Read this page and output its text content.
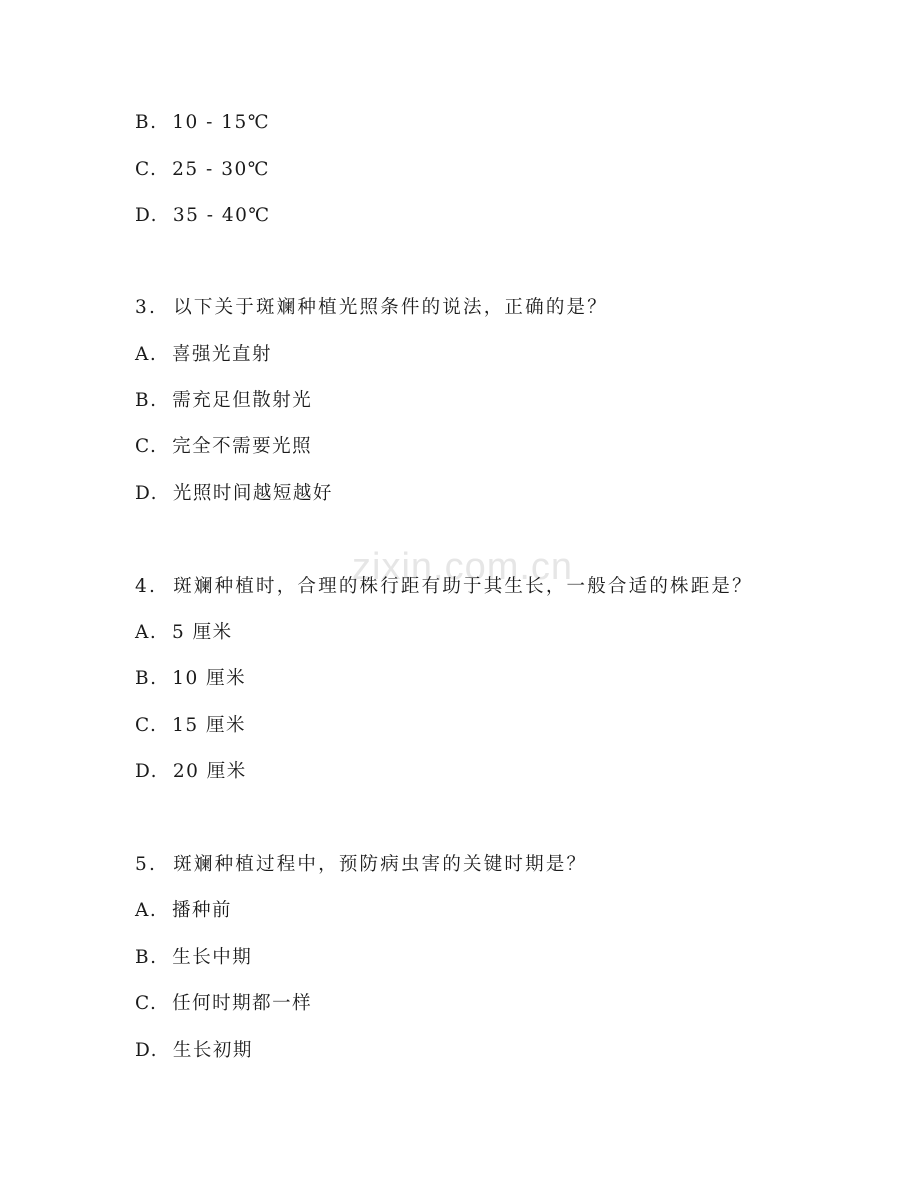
zixin.com.cn
B.  10 - 15℃
C.  25 - 30℃
D.  35 - 40℃
3.  以下关于斑斓种植光照条件的说法，正确的是？
A.  喜强光直射
B.  需充足但散射光
C.  完全不需要光照
D.  光照时间越短越好
4.  斑斓种植时，合理的株行距有助于其生长，一般合适的株距是？
A.  5 厘米
B.  10 厘米
C.  15 厘米
D.  20 厘米
5.  斑斓种植过程中，预防病虫害的关键时期是？
A.  播种前
B.  生长中期
C.  任何时期都一样
D.  生长初期
